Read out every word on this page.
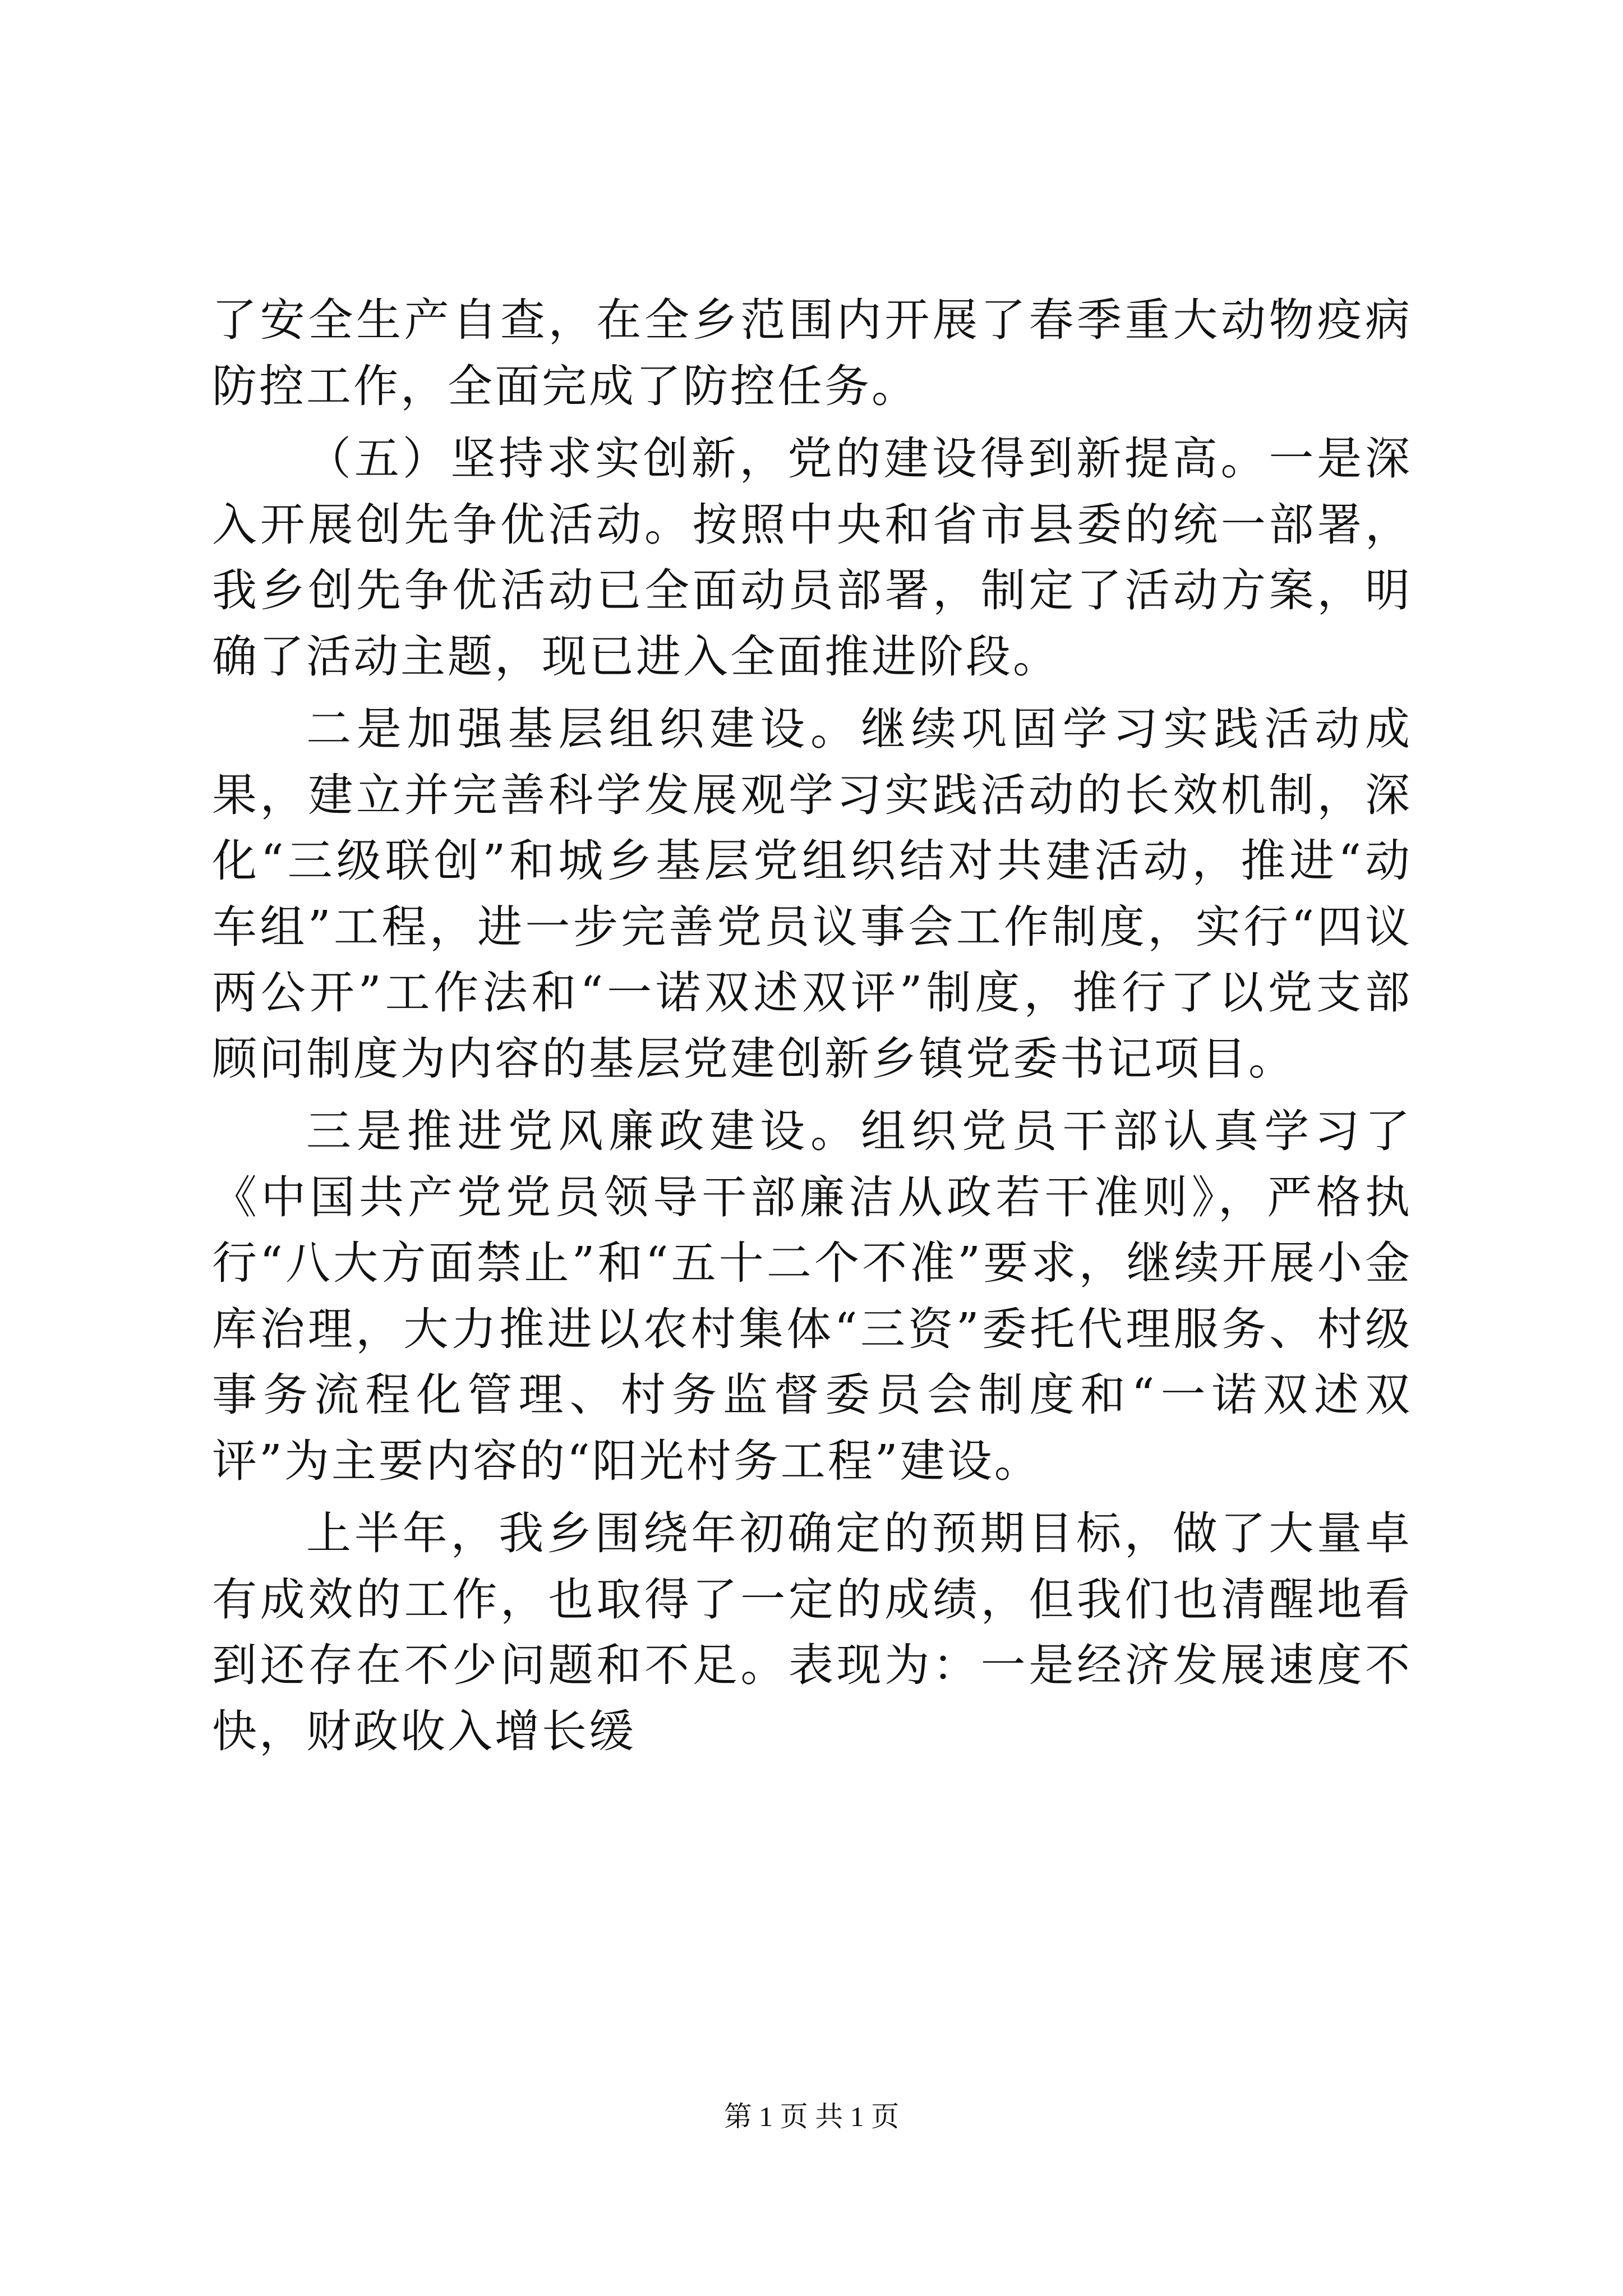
了安全生产自查，在全乡范围内开展了春季重大动物疫病防控工作，全面完成了防控任务。

（五）坚持求实创新，党的建设得到新提高。一是深入开展创先争优活动。按照中央和省市县委的统一部署，我乡创先争优活动已全面动员部署，制定了活动方案，明确了活动主题，现已进入全面推进阶段。

二是加强基层组织建设。继续巩固学习实践活动成果，建立并完善科学发展观学习实践活动的长效机制，深化“三级联创”和城乡基层党组织结对共建活动，推进“动车组”工程，进一步完善党员议事会工作制度，实行“四议两公开”工作法和“一诺双述双评”制度，推行了以党支部顾问制度为内容的基层党建创新乡镇党委书记项目。

三是推进党风廉政建设。组织党员干部认真学习了《中国共产党党员领导干部廉洁从政若干准则》，严格执行“八大方面禁止”和“五十二个不准”要求，继续开展小金库治理，大力推进以农村集体“三资”委托代理服务、村级事务流程化管理、村务监督委员会制度和“一诺双述双评”为主要内容的“阳光村务工程”建设。

上半年，我乡围绕年初确定的预期目标，做了大量卓有成效的工作，也取得了一定的成绩，但我们也清醒地看到还存在不少问题和不足。表现为：一是经济发展速度不快，财政收入增长缓

第 1 页 共 1 页
